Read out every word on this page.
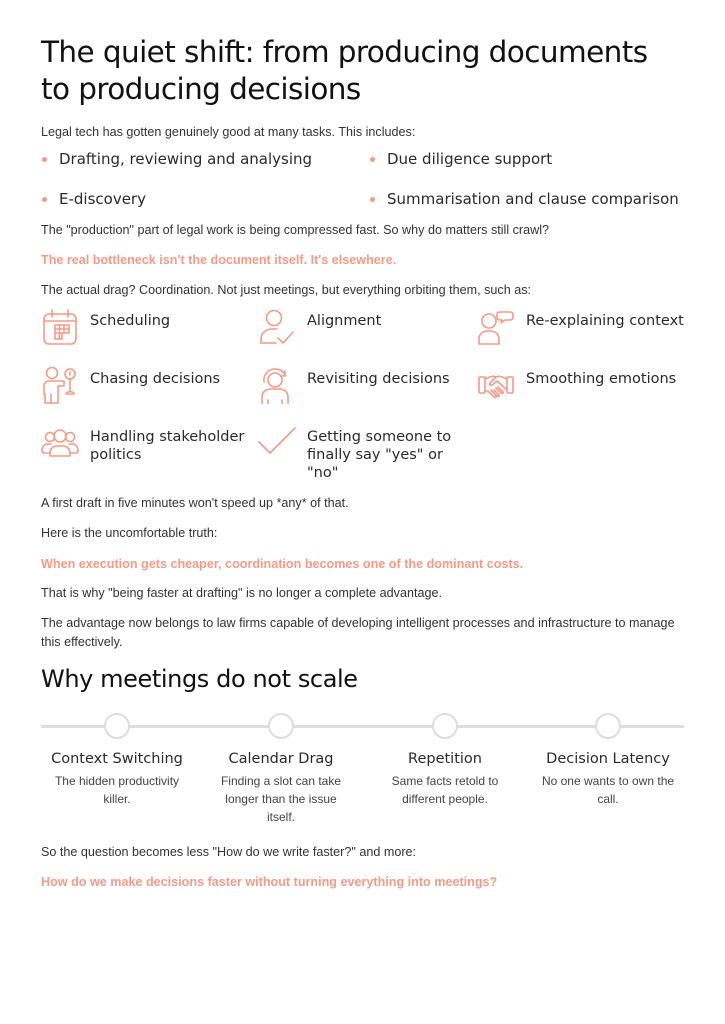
The quiet shift: from producing documents to producing decisions

Legal tech has gotten genuinely good at many tasks. This includes:

Drafting, reviewing and analysing	Due diligence support
E-discovery	Summarisation and clause comparison

The "production" part of legal work is being compressed fast. So why do matters still crawl?

The real bottleneck isn't the document itself. It's elsewhere.

The actual drag? Coordination. Not just meetings, but everything orbiting them, such as:

Scheduling	Alignment	Re-explaining context
Chasing decisions	Revisiting decisions	Smoothing emotions
Handling stakeholder politics
Getting someone to finally say "yes" or "no"

A first draft in five minutes won't speed up *any* of that.

Here is the uncomfortable truth:

When execution gets cheaper, coordination becomes one of the dominant costs.

That is why "being faster at drafting" is no longer a complete advantage.

The advantage now belongs to law firms capable of developing intelligent processes and infrastructure to manage this effectively.

Why meetings do not scale
Context Switching
The hidden productivity killer.
Calendar Drag
Finding a slot can take longer than the issue itself.
Repetition
Same facts retold to different people.
Decision Latency
No one wants to own the call.

So the question becomes less "How do we write faster?" and more:

How do we make decisions faster without turning everything into meetings?
